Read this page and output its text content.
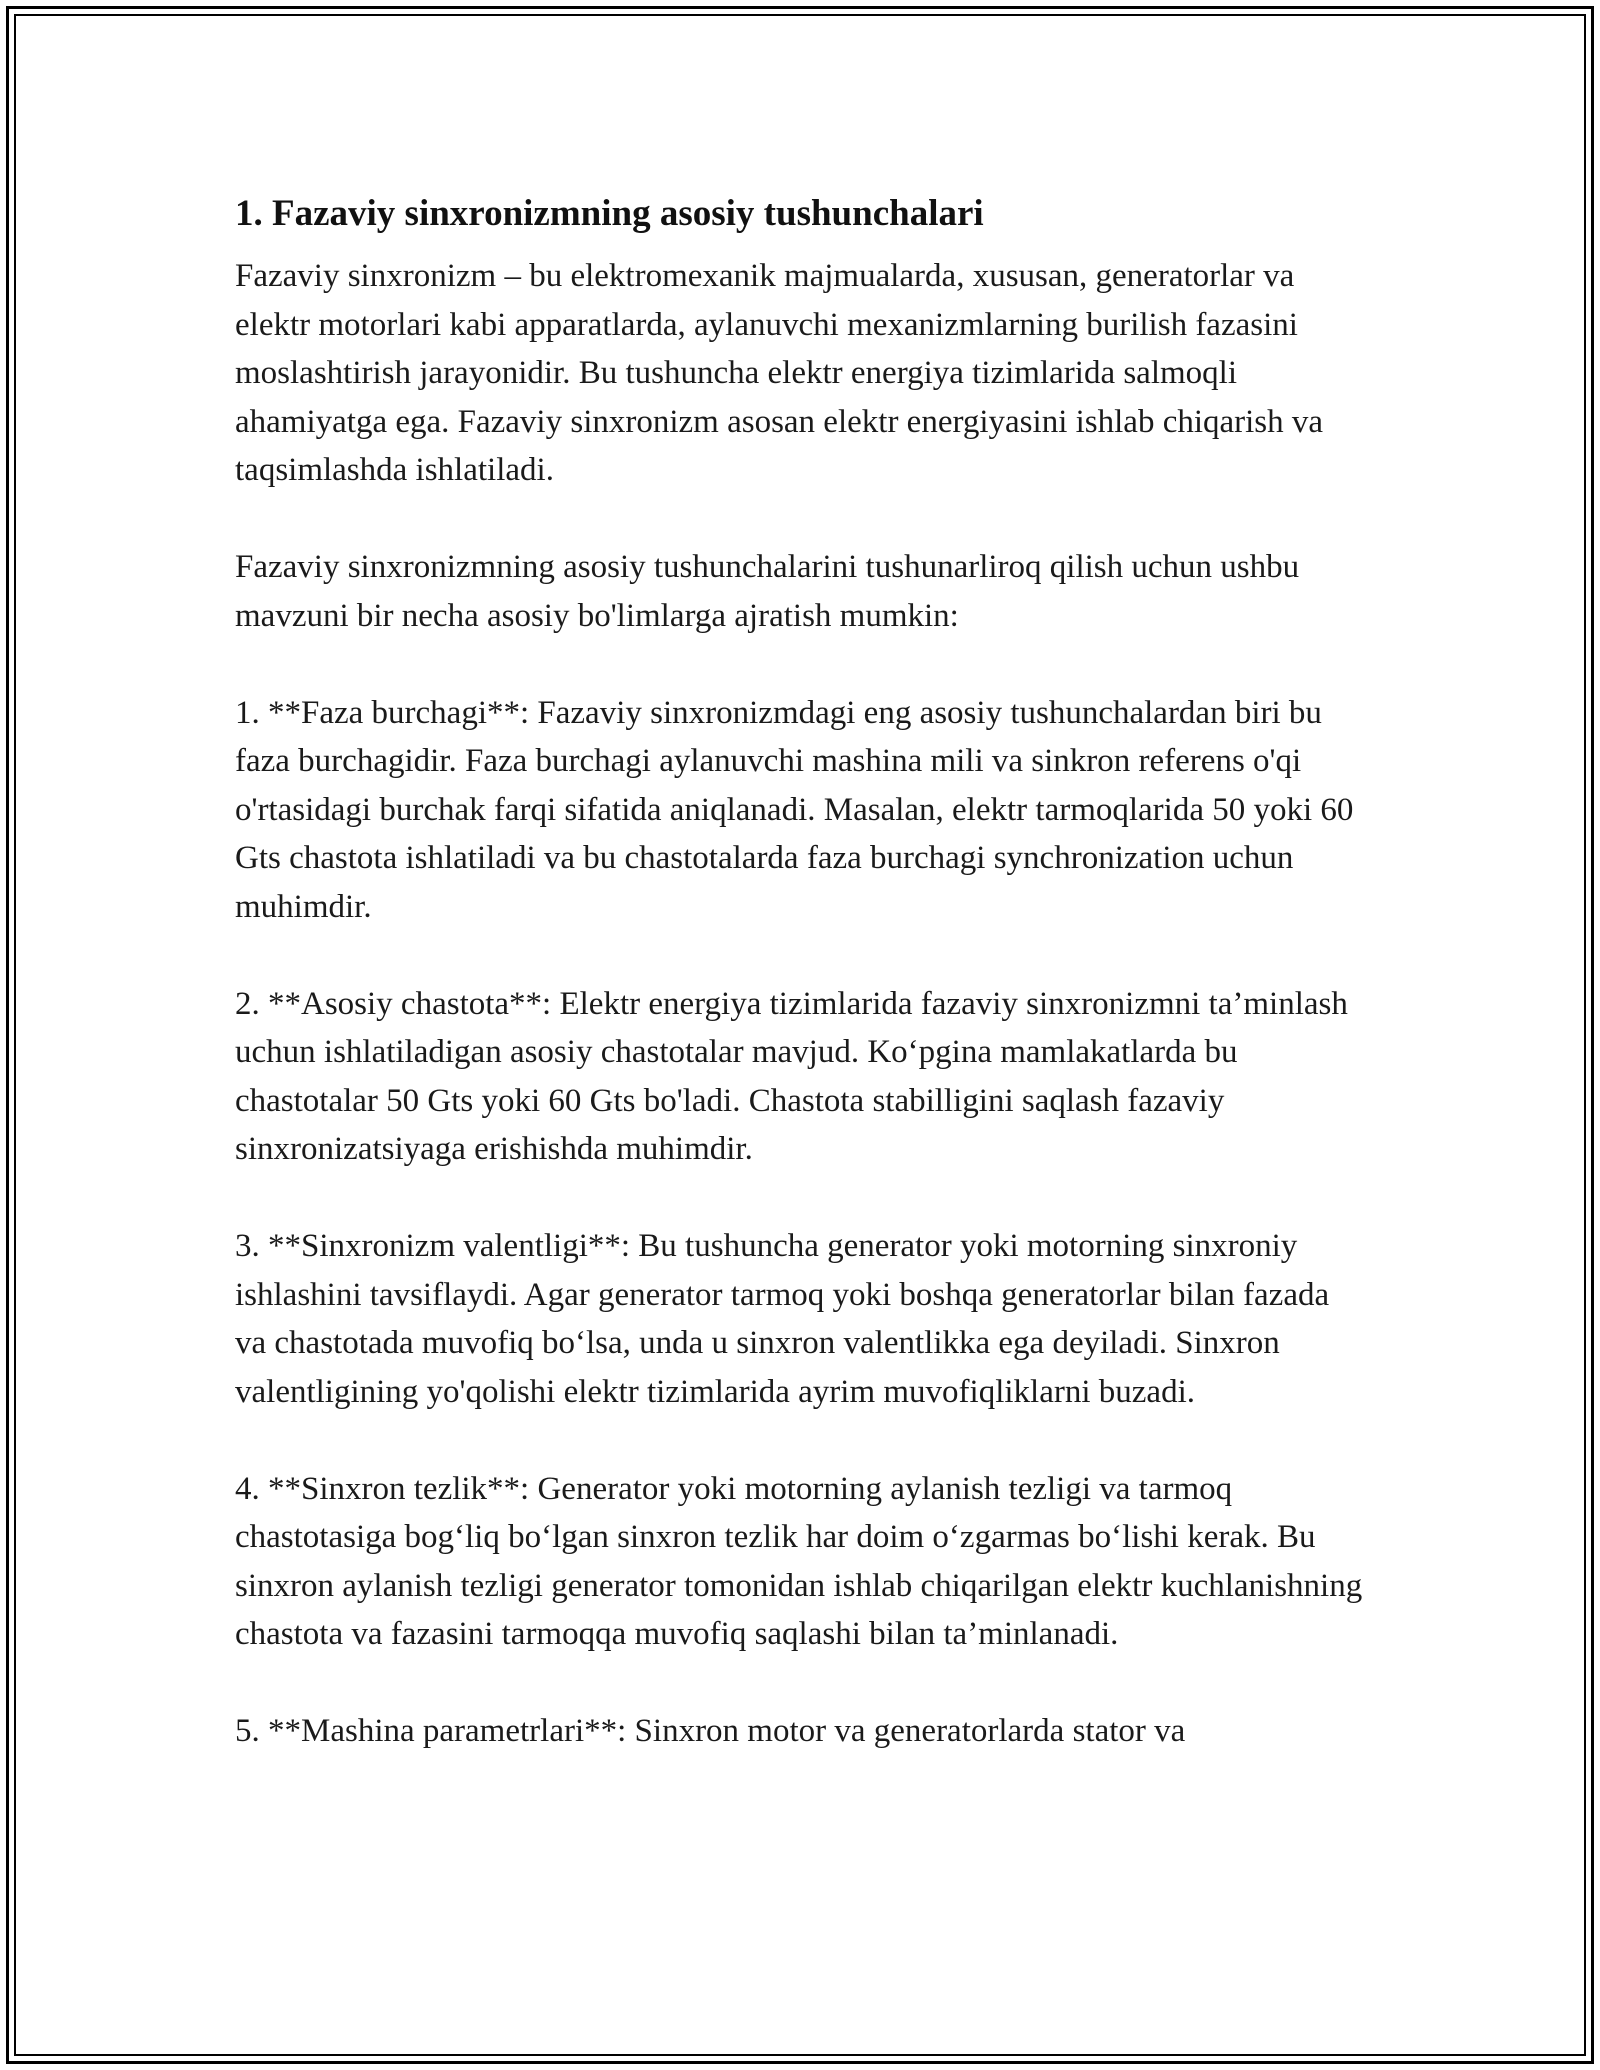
1. Fazaviy sinxronizmning asosiy tushunchalari

Fazaviy sinxronizm – bu elektromexanik majmualarda, xususan, generatorlar va elektr motorlari kabi apparatlarda, aylanuvchi mexanizmlarning burilish fazasini moslashtirish jarayonidir. Bu tushuncha elektr energiya tizimlarida salmoqli ahamiyatga ega. Fazaviy sinxronizm asosan elektr energiyasini ishlab chiqarish va taqsimlashda ishlatiladi.

Fazaviy sinxronizmning asosiy tushunchalarini tushunarliroq qilish uchun ushbu mavzuni bir necha asosiy bo'limlarga ajratish mumkin:

1. **Faza burchagi**: Fazaviy sinxronizmdagi eng asosiy tushunchalardan biri bu faza burchagidir. Faza burchagi aylanuvchi mashina mili va sinkron referens o'qi o'rtasidagi burchak farqi sifatida aniqlanadi. Masalan, elektr tarmoqlarida 50 yoki 60 Gts chastota ishlatiladi va bu chastotalarda faza burchagi synchronization uchun muhimdir.

2. **Asosiy chastota**: Elektr energiya tizimlarida fazaviy sinxronizmni ta’minlash uchun ishlatiladigan asosiy chastotalar mavjud. Ko‘pgina mamlakatlarda bu chastotalar 50 Gts yoki 60 Gts bo'ladi. Chastota stabilligini saqlash fazaviy sinxronizatsiyaga erishishda muhimdir.

3. **Sinxronizm valentligi**: Bu tushuncha generator yoki motorning sinxroniy ishlashini tavsiflaydi. Agar generator tarmoq yoki boshqa generatorlar bilan fazada va chastotada muvofiq bo‘lsa, unda u sinxron valentlikka ega deyiladi. Sinxron valentligining yo'qolishi elektr tizimlarida ayrim muvofiqliklarni buzadi.

4. **Sinxron tezlik**: Generator yoki motorning aylanish tezligi va tarmoq chastotasiga bog‘liq bo‘lgan sinxron tezlik har doim o‘zgarmas bo‘lishi kerak. Bu sinxron aylanish tezligi generator tomonidan ishlab chiqarilgan elektr kuchlanishning chastota va fazasini tarmoqqa muvofiq saqlashi bilan ta’minlanadi.

5. **Mashina parametrlari**: Sinxron motor va generatorlarda stator va
